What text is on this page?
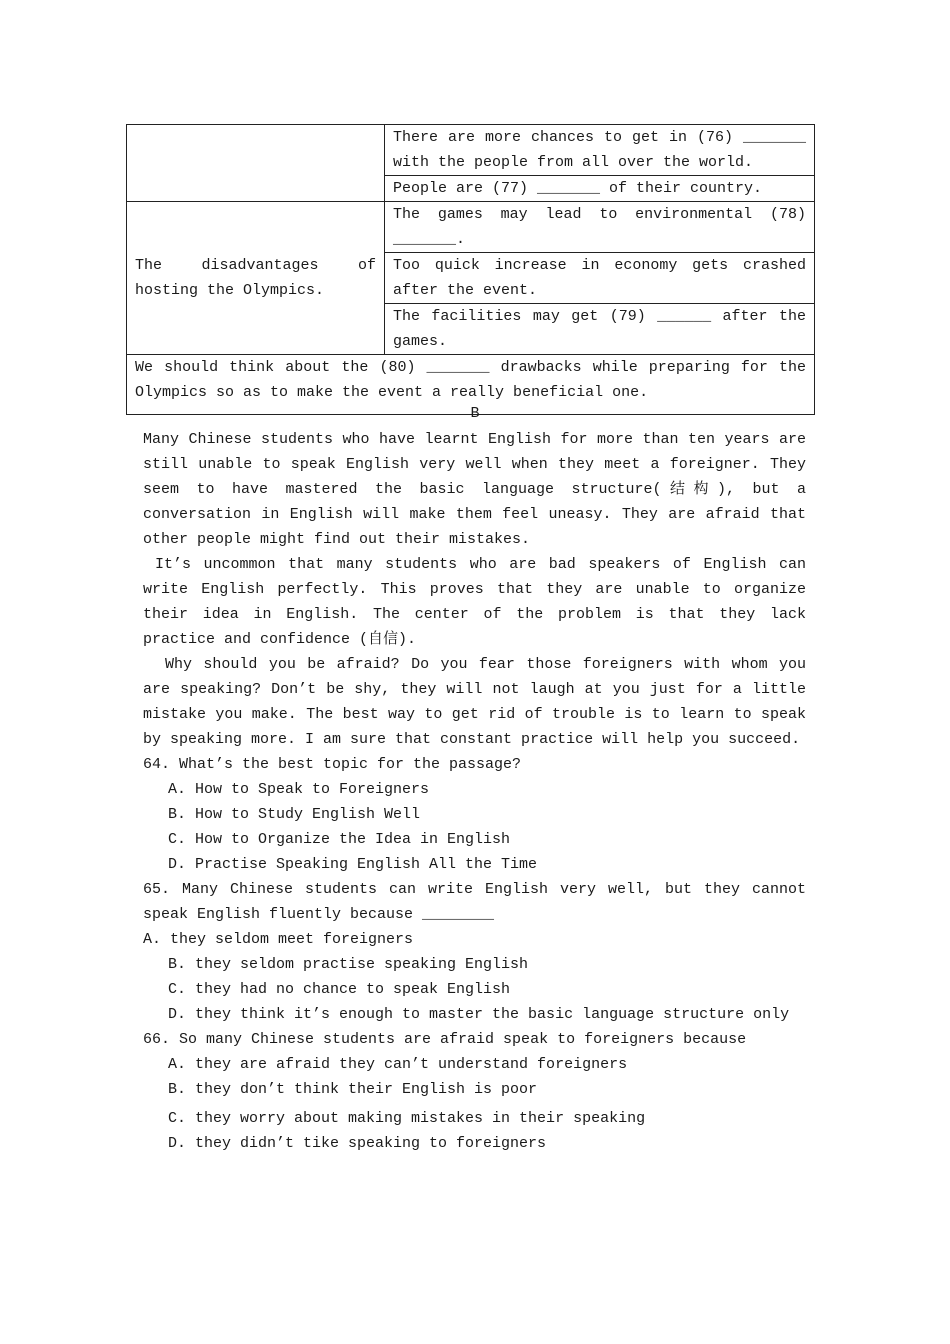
	There are more chances to get in (76) _______ with the people from all over the world.
	People are (77) _______ of their country.
The disadvantages of hosting the Olympics.	The games may lead to environmental (78) _______.
	Too quick increase in economy gets crashed after the event.
	The facilities may get (79) ______ after the games.
We should think about the (80) _______ drawbacks while preparing for the Olympics so as to make the event a really beneficial one.	
B

Many Chinese students who have learnt English for more than ten years are still unable to speak English very well when they meet a foreigner. They seem to have mastered the basic language structure(结构), but a conversation in English will make them feel uneasy. They are afraid that other people might find out their mistakes.

It’s uncommon that many students who are bad speakers of English can write English perfectly. This proves that they are unable to organize their idea in English. The center of the problem is that they lack practice and confidence (自信).

Why should you be afraid? Do you fear those foreigners with whom you are speaking? Don’t be shy, they will not laugh at you just for a little mistake you make. The best way to get rid of trouble is to learn to speak by speaking more. I am sure that constant practice will help you succeed.

64. What’s the best topic for the passage?
A. How to Speak to Foreigners
B. How to Study English Well
C. How to Organize the Idea in English
D. Practise Speaking English All the Time

65. Many Chinese students can write English very well, but they cannot speak English fluently because ________

A. they seldom meet foreigners
B. they seldom practise speaking English
C. they had no chance to speak English
D. they think it’s enough to master the basic language structure only
66. So many Chinese students are afraid speak to foreigners because
A. they are afraid they can’t understand foreigners
B. they don’t think their English is poor
C. they worry about making mistakes in their speaking
D. they didn’t tike speaking to foreigners
